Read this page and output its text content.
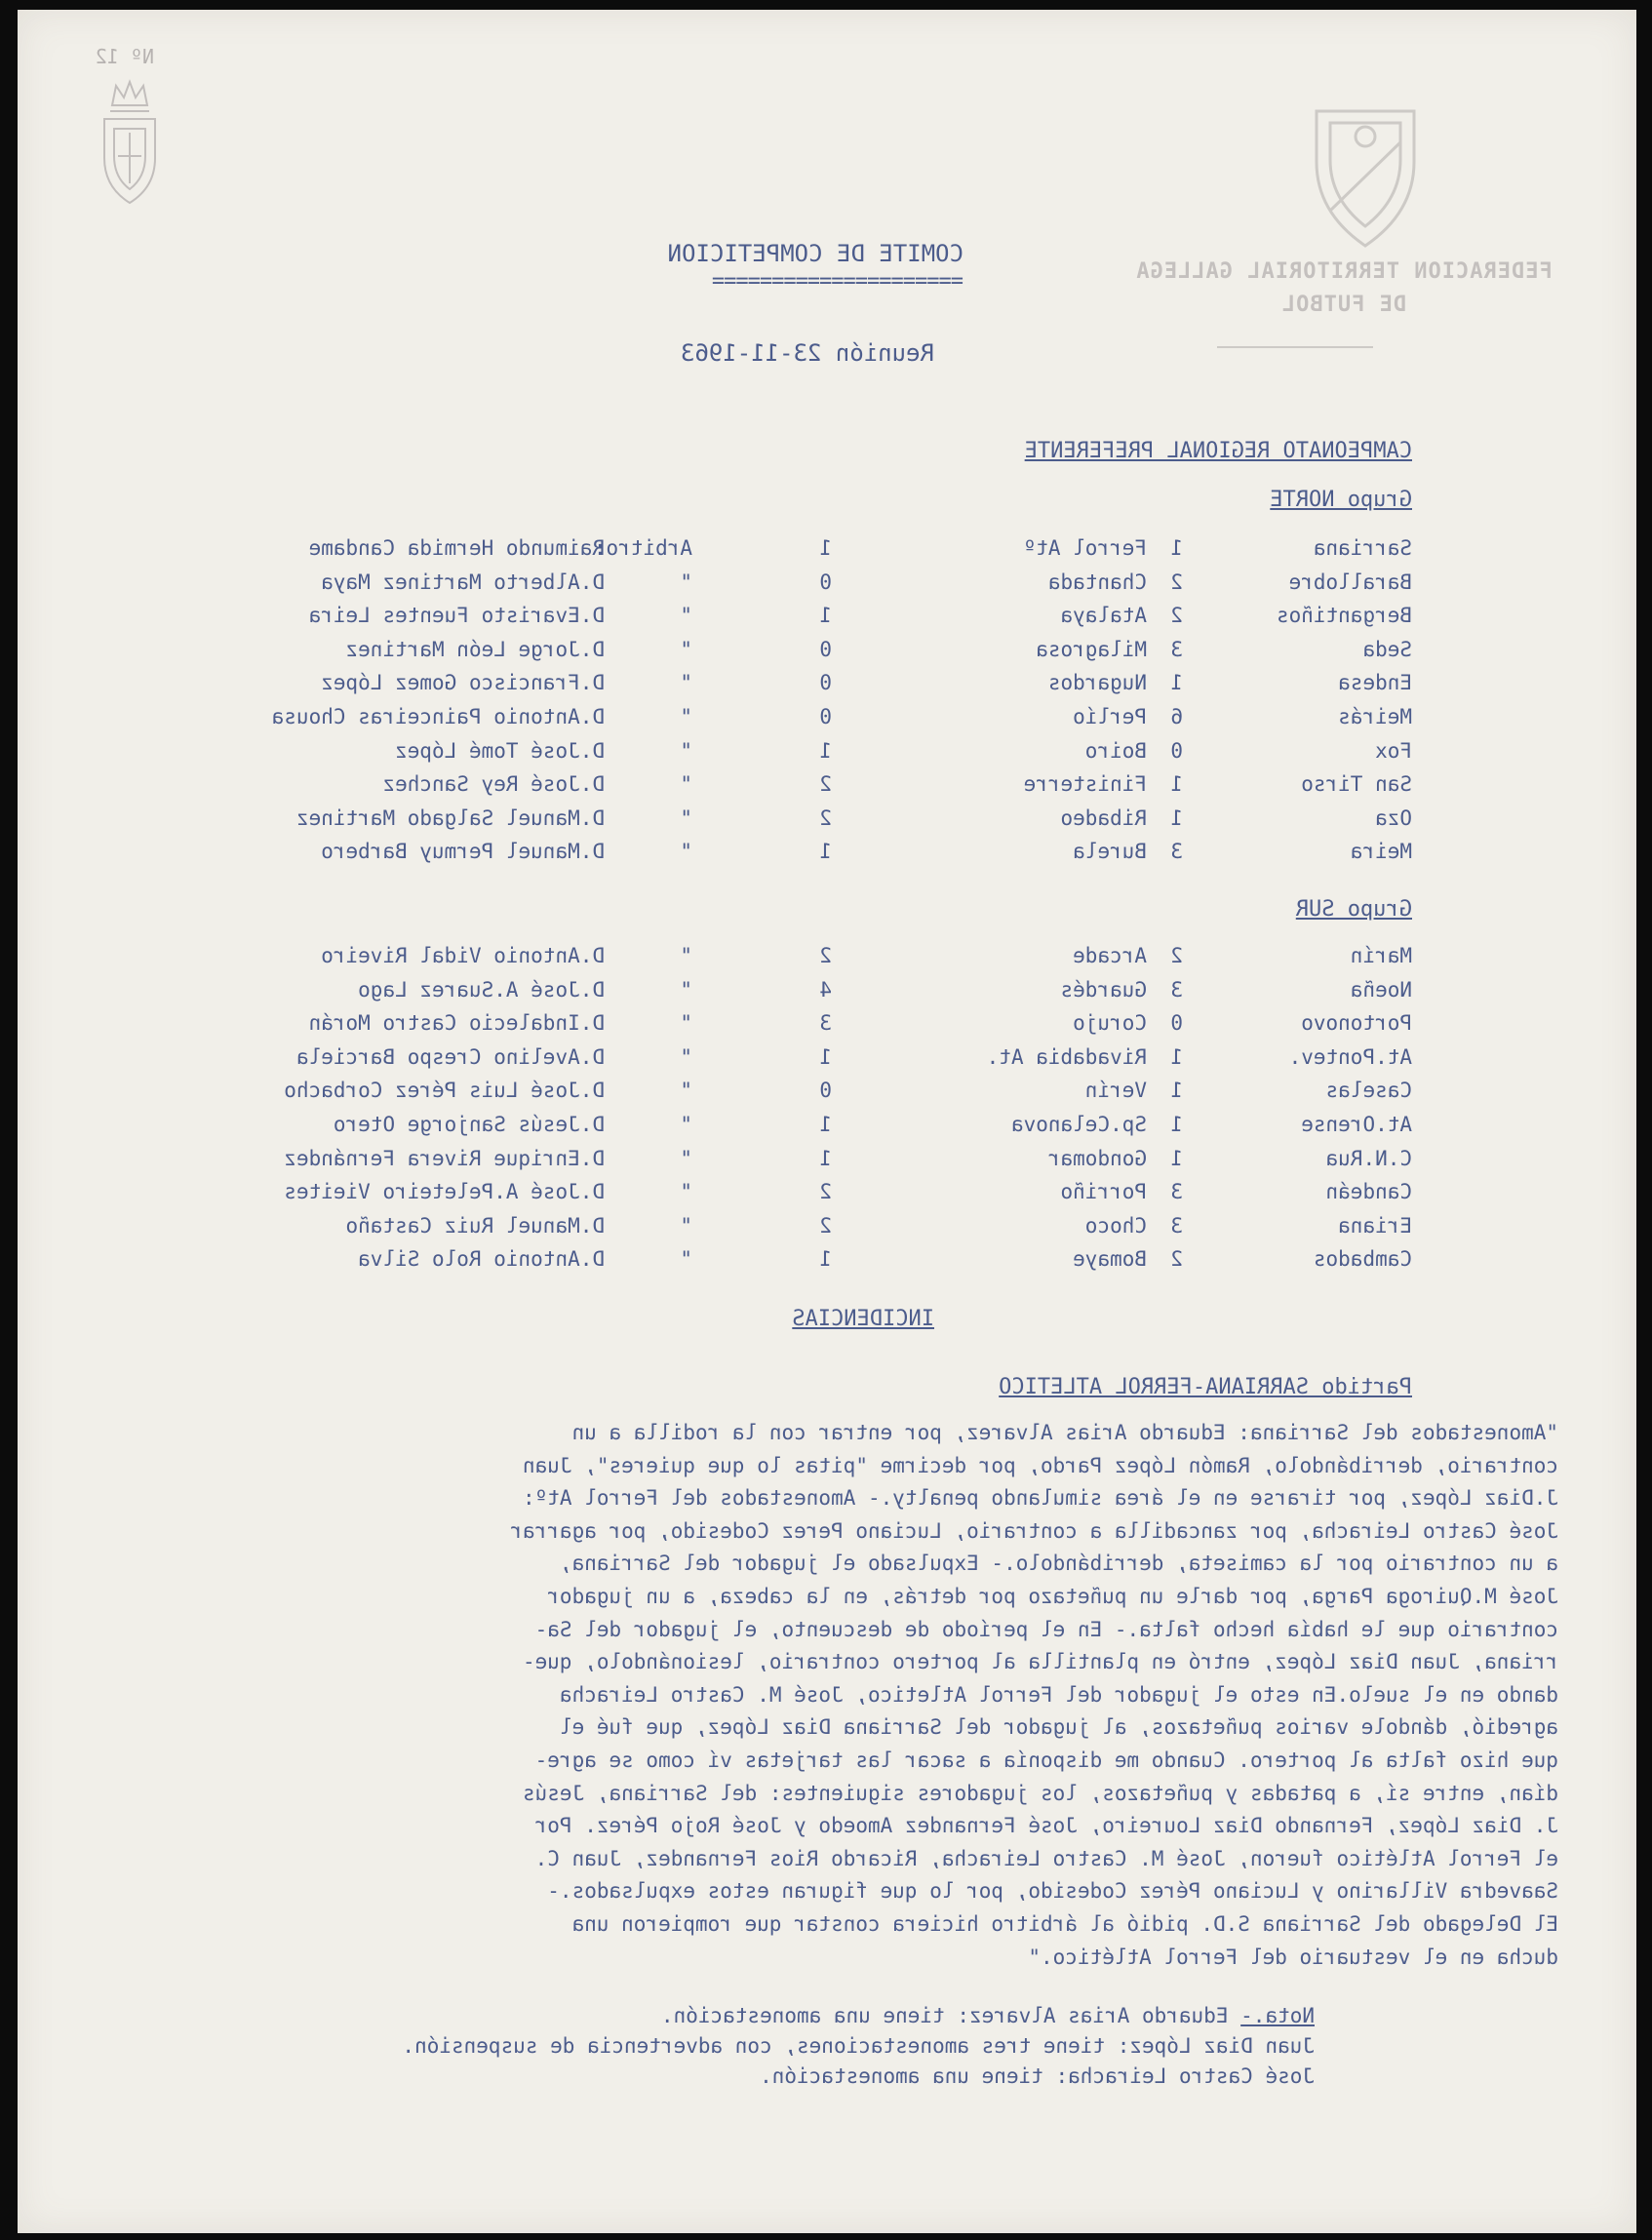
Nº 12
FEDERACION TERRITORIAL GALLEGA
DE FUTBOL
COMITE DE COMPETICION
=====================
Reunión 23-11-1963
CAMPEONATO REGIONAL PREFERENTE
Grupo NORTE
Sarriana
1
Ferrol Atº
1
Arbitro:
Raimundo Hermida Candame
Barallobre
2
Chantada
0
"
D.Alberto Martinez Maya
Bergantiños
2
Atalaya
1
"
D.Evaristo Fuentes Leira
Seda
3
Milagrosa
0
"
D.Jorge León Martinez
Endesa
1
Nugardos
0
"
D.Francisco Gomez López
Meirás
6
Perlío
0
"
D.Antonio Painceiras Chousa
Fox
0
Boiro
1
"
D.José Tomé López
San Tirso
1
Finisterre
2
"
D.José Rey Sanchez
Oza
1
Ribadeo
2
"
D.Manuel Salgado Martinez
Meira
3
Burela
1
"
D.Manuel Permuy Barbero
Grupo SUR
Marín
2
Arcade
2
"
D.Antonio Vidal Riveiro
Noeña
3
Guardés
4
"
D.José A.Suarez Lago
Portonovo
0
Corujo
3
"
D.Indalecio Castro Morán
At.Pontev.
1
Rivadabia At.
1
"
D.Avelino Crespo Barciela
Caselas
1
Verín
0
"
D.José Luis Pérez Corbacho
At.Orense
1
Sp.Celanova
1
"
D.Jesús Sanjorge Otero
C.N.Rua
1
Gondomar
1
"
D.Enrique Rivera Fernández
Candeán
3
Porriño
2
"
D.José A.Peleteiro Vieites
Eriana
3
Choco
2
"
D.Manuel Ruiz Castaño
Cambados
2
Bomaye
1
"
D.Antonio Rolo Silva
INCIDENCIAS
Partido SARRIANA-FERROL ATLETICO
"Amonestados del Sarriana: Eduardo Arias Alvarez, por entrar con la rodilla a un
contrario, derribándolo, Ramón López Pardo, por decirme "pitas lo que quieres", Juan
J.Diaz López, por tirarse en el área simulando penalty.- Amonestados del Ferrol Atº:
José Castro Leiracha, por zancadilla a contrario, Luciano Perez Codesido, por agarrar
a un contrario por la camiseta, derribándolo.- Expulsado el jugador del Sarriana,
José M.Quiroga Parga, por darle un puñetazo por detrás, en la cabeza, a un jugador
contrario que le había hecho falta.- En el período de descuento, el jugador del Sa-
rriana, Juan Diaz López, entró en plantilla al portero contrario, lesionándolo, que-
dando en el suelo.En esto el jugador del Ferrol Atletico, José M. Castro Leiracha
agredió, dándole varios puñetazos, al jugador del Sarriana Diaz López, que fué el
que hizo falta al portero. Cuando me disponía a sacar las tarjetas ví como se agre-
dían, entre sí, a patadas y puñetazos, los jugadores siguientes: del Sarriana, Jesús
J. Diaz López, Fernando Diaz Loureiro, José Fernandez Amoedo y José Rojo Pérez. Por
el Ferrol Atlético fueron, José M. Castro Leiracha, Ricardo Rios Fernandez, Juan C.
Saavedra Villarino y Luciano Pérez Codesido, por lo que figuran estos expulsados.-
El Delegado del Sarriana S.D. pidió al árbitro hiciera constar que rompieron una
ducha en el vestuario del Ferrol Atlético."
Nota.- Eduardo Arias Alvarez: tiene una amonestación.
Juan Diaz López: tiene tres amonestaciones, con advertencia de suspensión.
José Castro Leiracha: tiene una amonestación.
